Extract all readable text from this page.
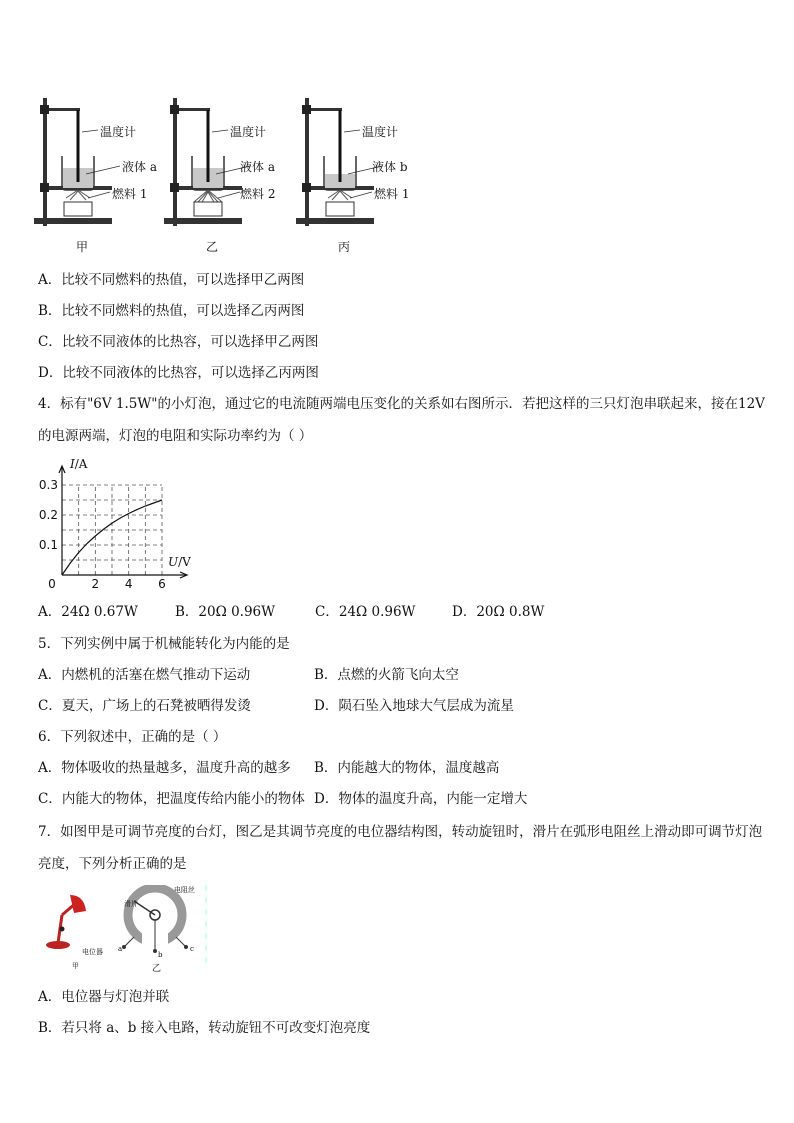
温度计
液体 a
燃料 1
甲
温度计
液体 a
燃料 2
乙
温度计
液体 b
燃料 1
丙
A．比较不同燃料的热值，可以选择甲乙两图
B．比较不同燃料的热值，可以选择乙丙两图
C．比较不同液体的比热容，可以选择甲乙两图
D．比较不同液体的比热容，可以选择乙丙两图
4．标有"6V 1.5W"的小灯泡，通过它的电流随两端电压变化的关系如右图所示．若把这样的三只灯泡串联起来，接在12V的电源两端，灯泡的电阻和实际功率约为（ ）
2 4 6
0.1
0.2
0.3
0
I/A
U/V
A．24Ω 0.67W	B．20Ω 0.96W	C．24Ω 0.96W	D．20Ω 0.8W
5．下列实例中属于机械能转化为内能的是
A．内燃机的活塞在燃气推动下运动	B．点燃的火箭飞向太空
C．夏天，广场上的石凳被晒得发烫	D．陨石坠入地球大气层成为流星
6．下列叙述中，正确的是（ ）
A．物体吸收的热量越多，温度升高的越多 B．内能越大的物体，温度越高
C．内能大的物体，把温度传给内能小的物体 D．物体的温度升高，内能一定增大
7．如图甲是可调节亮度的台灯，图乙是其调节亮度的电位器结构图，转动旋钮时，滑片在弧形电阻丝上滑动即可调节灯泡亮度，下列分析正确的是
电位器
甲
滑片
电阻丝
a
b
c
乙
A．电位器与灯泡并联
B．若只将 a、b 接入电路，转动旋钮不可改变灯泡亮度
